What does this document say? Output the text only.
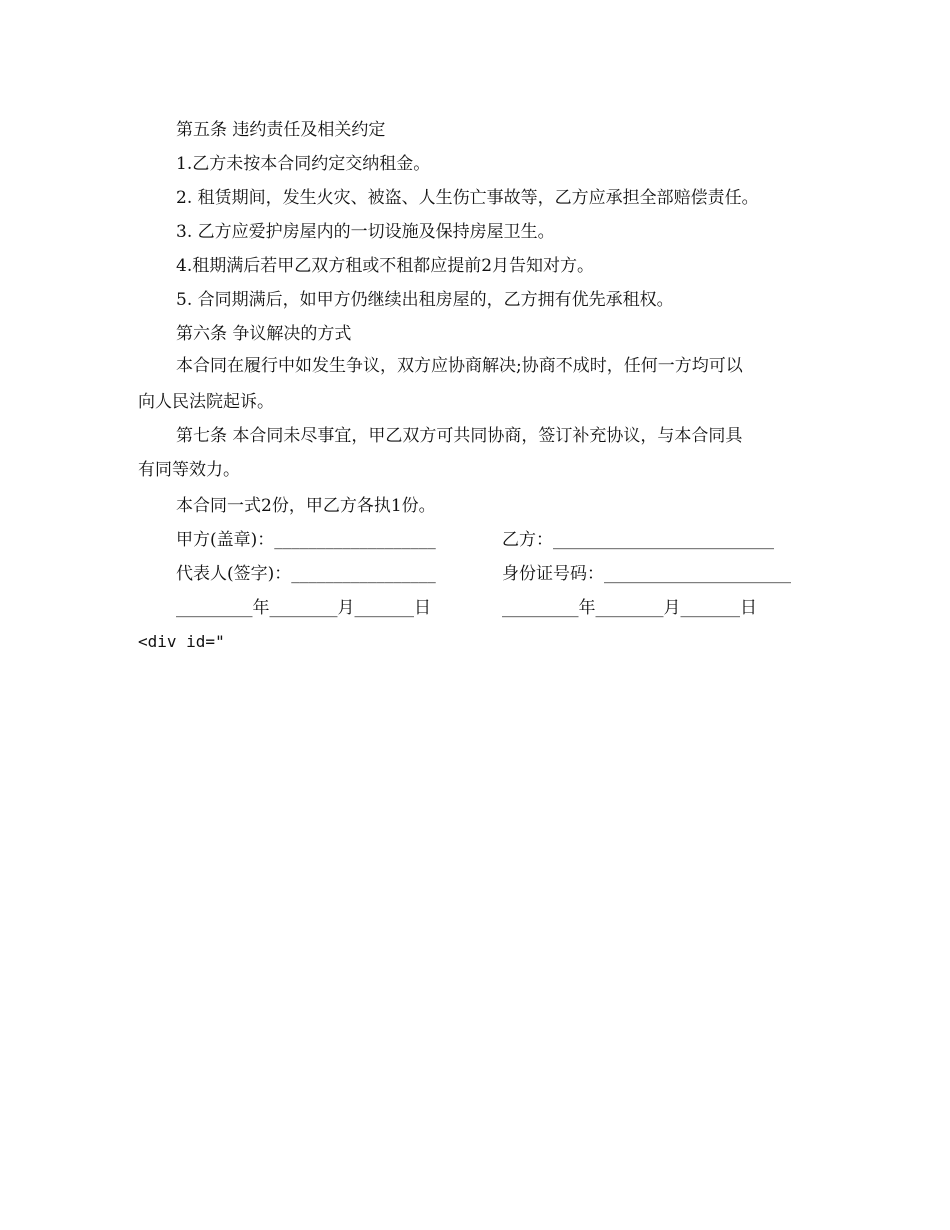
第五条 违约责任及相关约定
1.乙方未按本合同约定交纳租金。
2. 租赁期间，发生火灾、被盗、人生伤亡事故等，乙方应承担全部赔偿责任。
3. 乙方应爱护房屋内的一切设施及保持房屋卫生。
4.租期满后若甲乙双方租或不租都应提前2月告知对方。
5. 合同期满后，如甲方仍继续出租房屋的，乙方拥有优先承租权。
第六条 争议解决的方式
本合同在履行中如发生争议，双方应协商解决;协商不成时，任何一方均可以
向人民法院起诉。
第七条 本合同未尽事宜，甲乙双方可共同协商，签订补充协议，与本合同具
有同等效力。
本合同一式2份，甲乙方各执1份。
甲方(盖章)：___________________	乙方：__________________________
代表人(签字)：_________________	身份证号码：______________________
_________年________月_______日	_________年________月_______日
<div id="
